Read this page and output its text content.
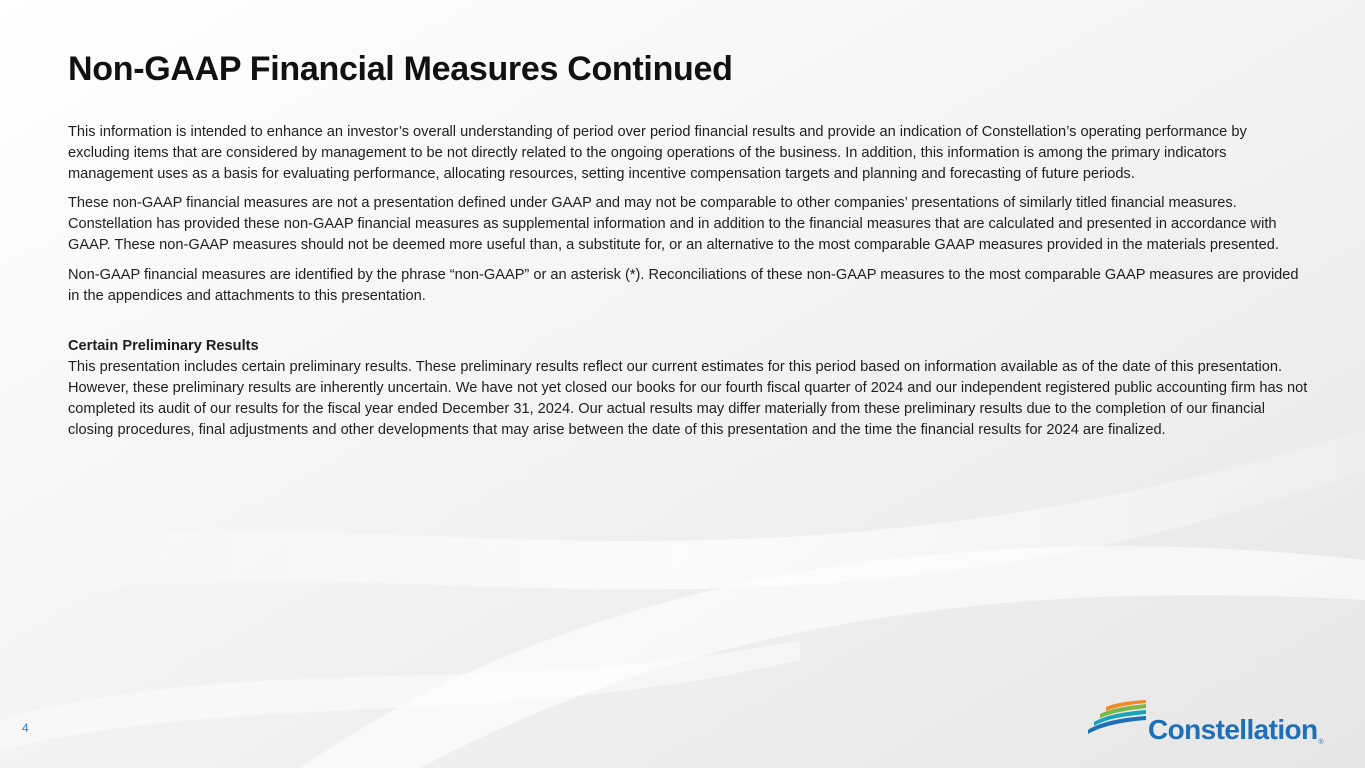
Non-GAAP Financial Measures Continued

This information is intended to enhance an investor’s overall understanding of period over period financial results and provide an indication of Constellation’s operating performance by excluding items that are considered by management to be not directly related to the ongoing operations of the business. In addition, this information is among the primary indicators management uses as a basis for evaluating performance, allocating resources, setting incentive compensation targets and planning and forecasting of future periods.

These non-GAAP financial measures are not a presentation defined under GAAP and may not be comparable to other companies’ presentations of similarly titled financial measures. Constellation has provided these non-GAAP financial measures as supplemental information and in addition to the financial measures that are calculated and presented in accordance with GAAP. These non-GAAP measures should not be deemed more useful than, a substitute for, or an alternative to the most comparable GAAP measures provided in the materials presented.

Non-GAAP financial measures are identified by the phrase “non-GAAP” or an asterisk (*). Reconciliations of these non-GAAP measures to the most comparable GAAP measures are provided in the appendices and attachments to this presentation.

Certain Preliminary Results
This presentation includes certain preliminary results. These preliminary results reflect our current estimates for this period based on information available as of the date of this presentation. However, these preliminary results are inherently uncertain. We have not yet closed our books for our fourth fiscal quarter of 2024 and our independent registered public accounting firm has not completed its audit of our results for the fiscal year ended December 31, 2024. Our actual results may differ materially from these preliminary results due to the completion of our financial closing procedures, final adjustments and other developments that may arise between the date of this presentation and the time the financial results for 2024 are finalized.
4	Constellation®
